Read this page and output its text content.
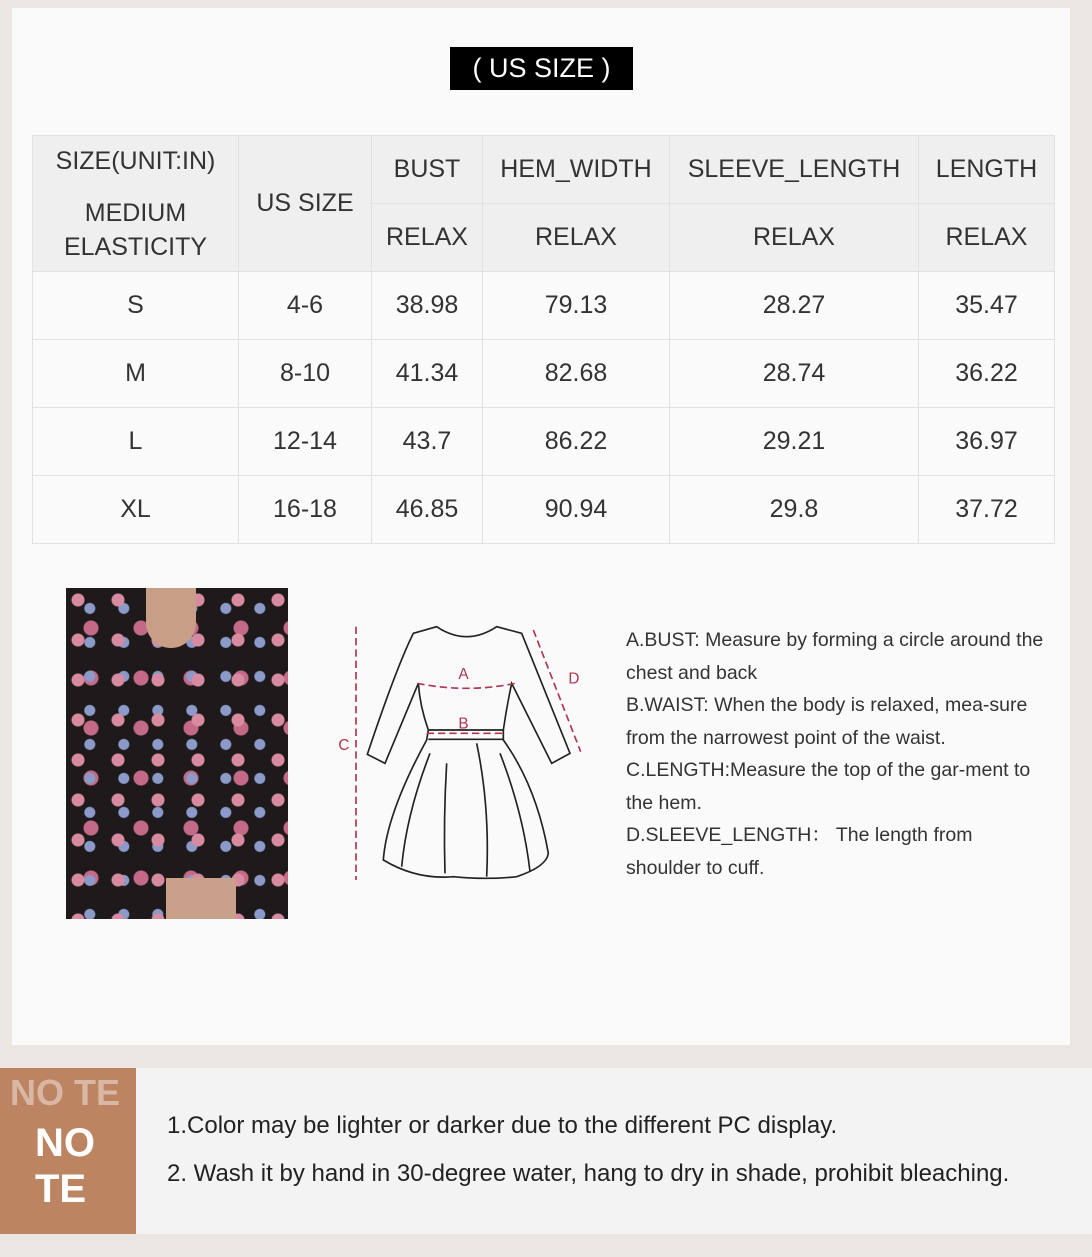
( US SIZE )
SIZE(UNIT:IN)
MEDIUM ELASTICITY	US SIZE	BUST	HEM_WIDTH	SLEEVE_LENGTH	LENGTH
		RELAX	RELAX	RELAX	RELAX
S	4-6	38.98	79.13	28.27	35.47
M	8-10	41.34	82.68	28.74	36.22
L	12-14	43.7	86.22	29.21	36.97
XL	16-18	46.85	90.94	29.8	37.72
A
B
C
D
A.BUST: Measure by forming a circle around the chest and back
B.WAIST: When the body is relaxed, mea-sure from the narrowest point of the waist.
C.LENGTH:Measure the top of the gar-ment to the hem.
D.SLEEVE_LENGTH： The length from shoulder to cuff.
NO TE
NO
TE
1.Color may be lighter or darker due to the different PC display.
2. Wash it by hand in 30-degree water, hang to dry in shade, prohibit bleaching.
